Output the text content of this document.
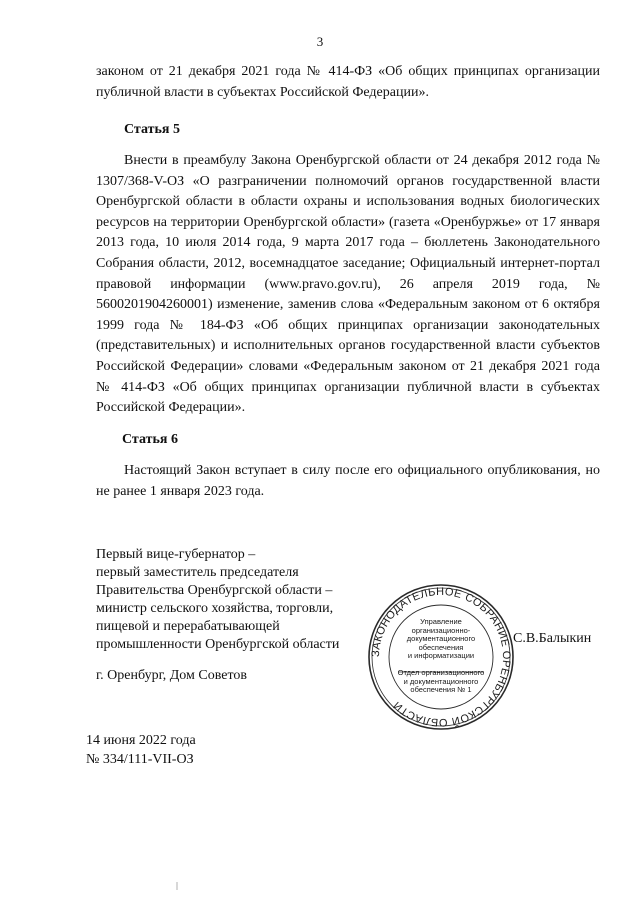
3

законом от 21 декабря 2021 года № 414-ФЗ «Об общих принципах организации публичной власти в субъектах Российской Федерации».

Статья 5

Внести в преамбулу Закона Оренбургской области от 24 декабря 2012 года № 1307/368-V-ОЗ «О разграничении полномочий органов государственной власти Оренбургской области в области охраны и использования водных биологических ресурсов на территории Оренбургской области» (газета «Оренбуржье» от 17 января 2013 года, 10 июля 2014 года, 9 марта 2017 года – бюллетень Законодательного Собрания области, 2012, восемнадцатое заседание; Официальный интернет-портал правовой информации (www.pravo.gov.ru), 26 апреля 2019 года, № 5600201904260001) изменение, заменив слова «Федеральным законом от 6 октября 1999 года № 184-ФЗ «Об общих принципах организации законодательных (представительных) и исполнительных органов государственной власти субъектов Российской Федерации» словами «Федеральным законом от 21 декабря 2021 года № 414-ФЗ «Об общих принципах организации публичной власти в субъектах Российской Федерации».

Статья 6

Настоящий Закон вступает в силу после его официального опубликования, но не ранее 1 января 2023 года.

Первый вице-губернатор –
первый заместитель председателя
Правительства Оренбургской области –
министр сельского хозяйства, торговли,
пищевой и перерабатывающей
промышленности Оренбургской области	С.В.Балыкин
г. Оренбург, Дом Советов
14 июня 2022 года
№ 334/111-VII-ОЗ
ЗАКОНОДАТЕЛЬНОЕ СОБРАНИЕ ОРЕНБУРГСКОЙ ОБЛАСТИ
Управление
организационно-
документационного
обеспечения
и информатизации
Отдел организационного
и документационного
обеспечения № 1
